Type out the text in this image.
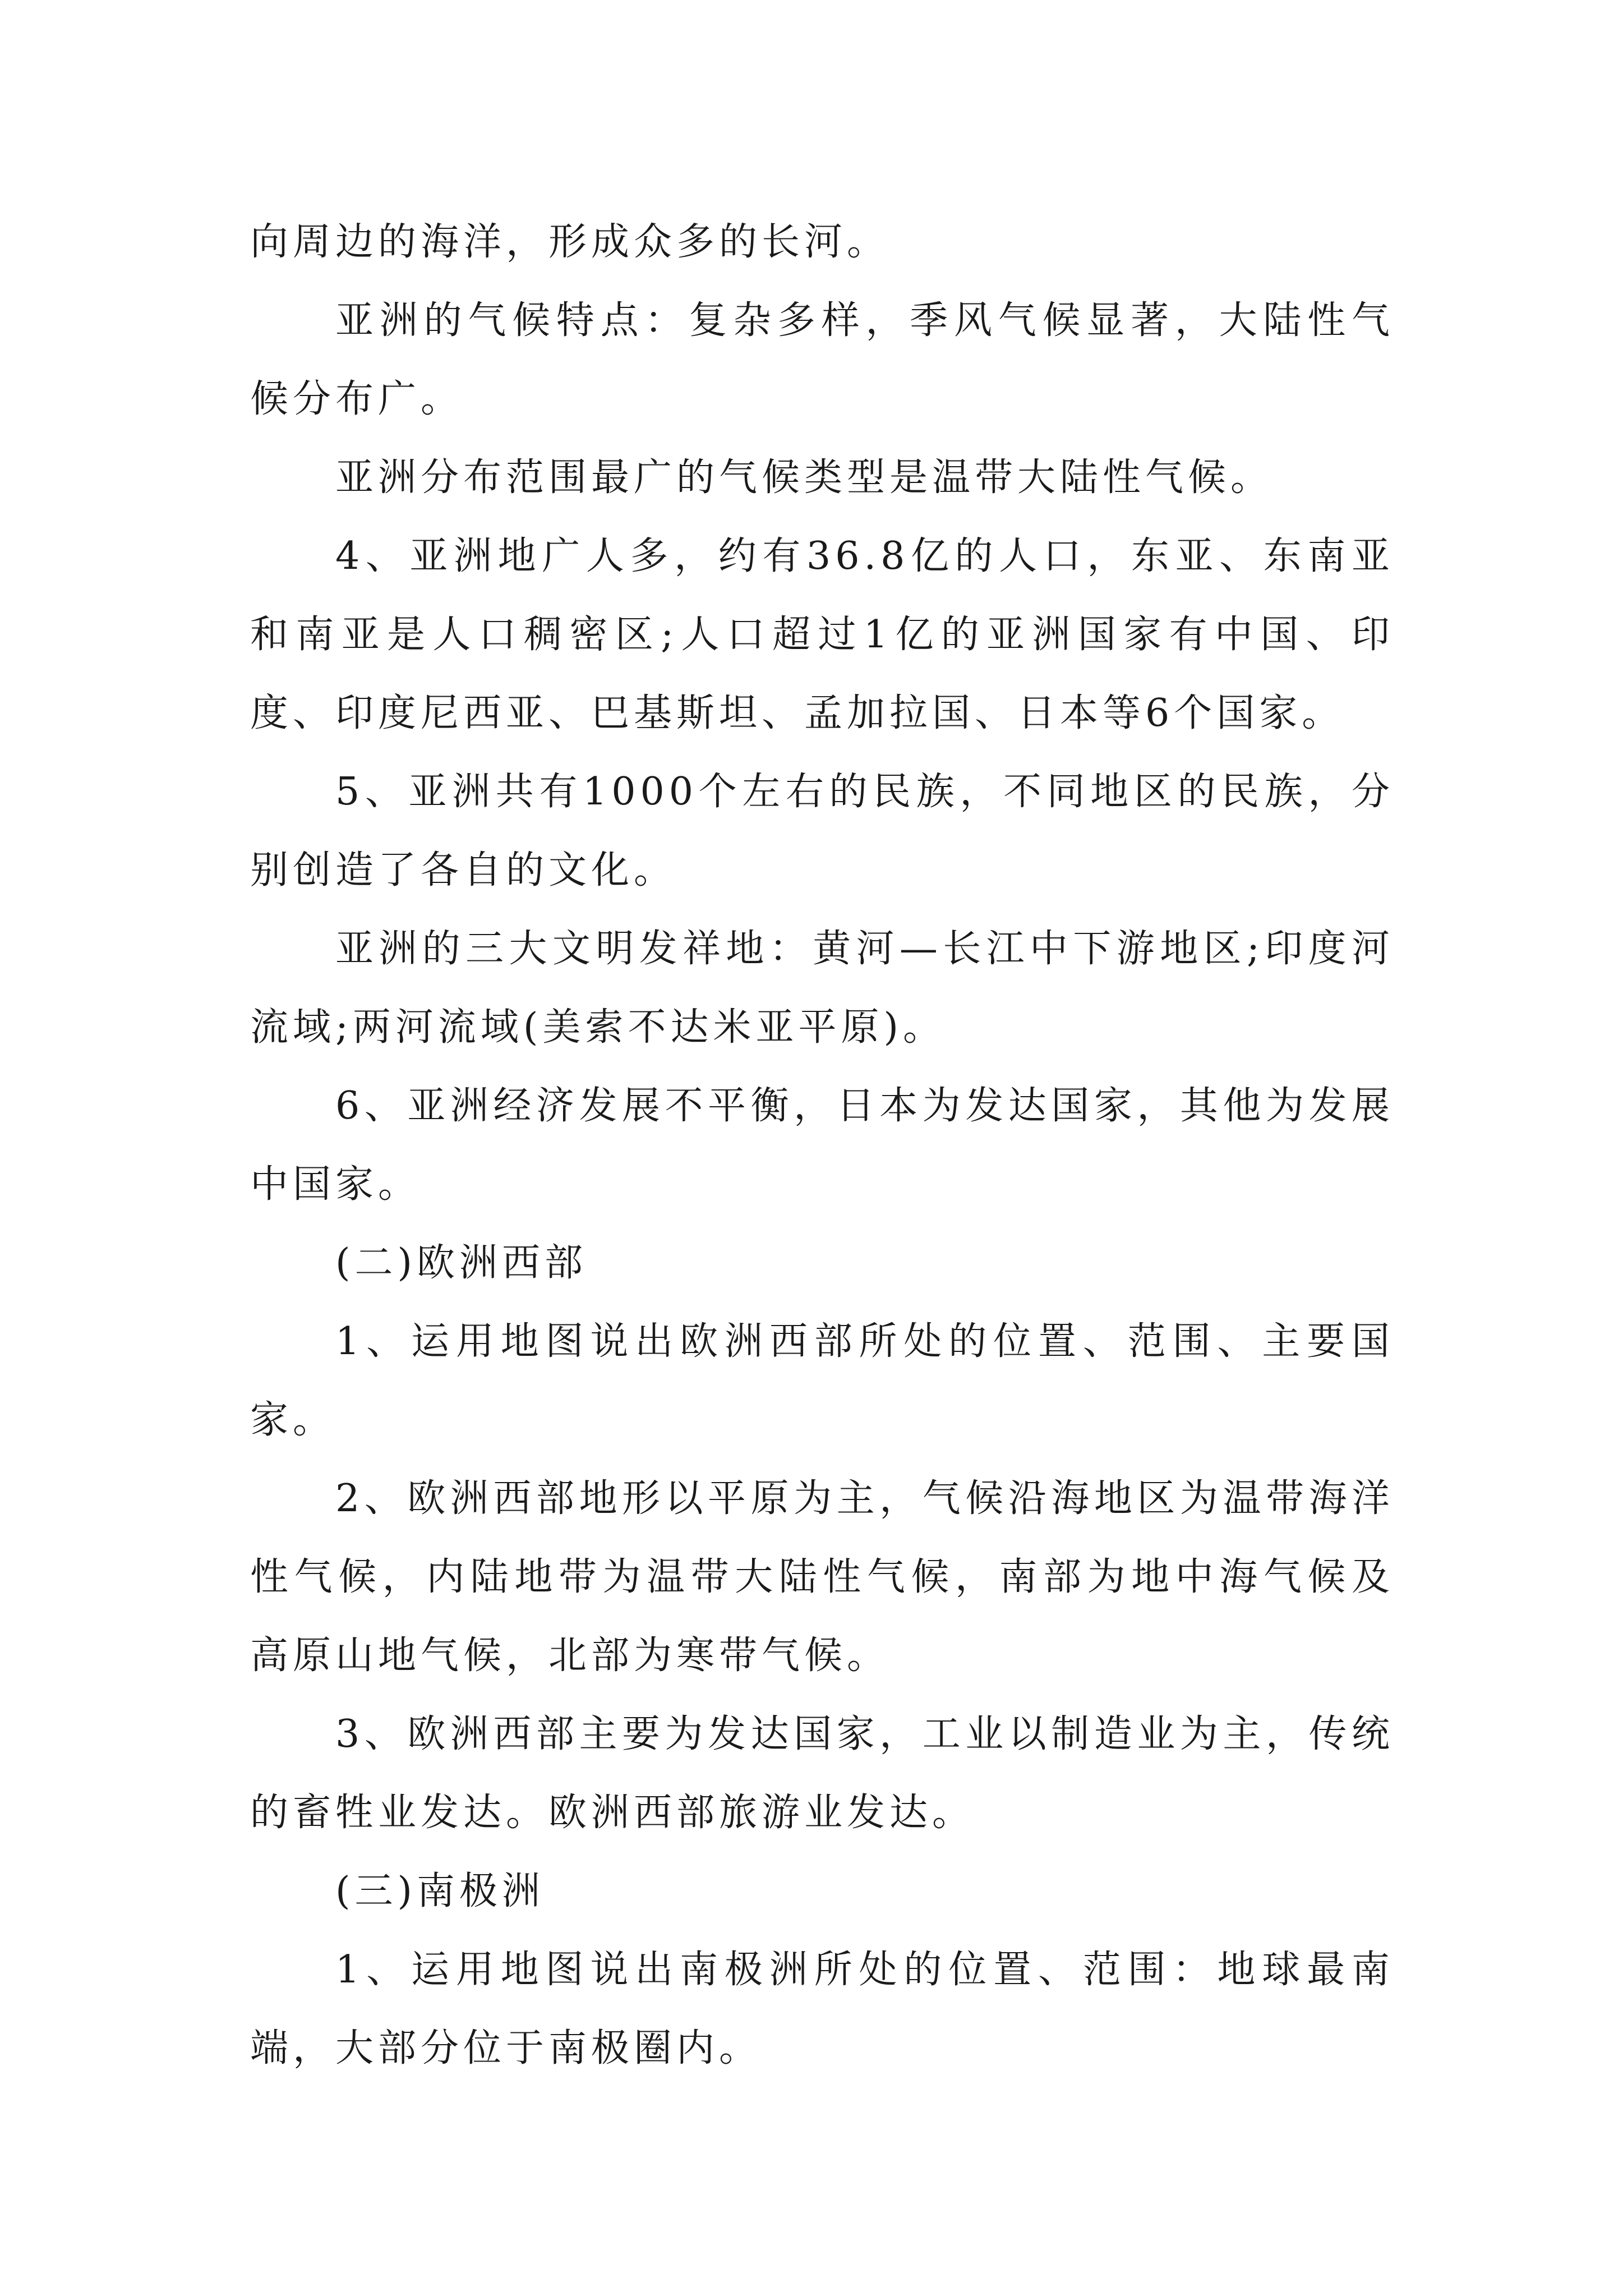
向周边的海洋，形成众多的长河。

亚洲的气候特点：复杂多样，季风气候显著，大陆性气候分布广。

亚洲分布范围最广的气候类型是温带大陆性气候。

4、亚洲地广人多，约有36.8亿的人口，东亚、东南亚和南亚是人口稠密区;人口超过1亿的亚洲国家有中国、印度、印度尼西亚、巴基斯坦、孟加拉国、日本等6个国家。

5、亚洲共有1000个左右的民族，不同地区的民族，分别创造了各自的文化。

亚洲的三大文明发祥地：黄河—长江中下游地区;印度河流域;两河流域(美索不达米亚平原)。

6、亚洲经济发展不平衡，日本为发达国家，其他为发展中国家。

(二)欧洲西部

1、运用地图说出欧洲西部所处的位置、范围、主要国家。

2、欧洲西部地形以平原为主，气候沿海地区为温带海洋性气候，内陆地带为温带大陆性气候，南部为地中海气候及高原山地气候，北部为寒带气候。

3、欧洲西部主要为发达国家，工业以制造业为主，传统的畜牲业发达。欧洲西部旅游业发达。

(三)南极洲

1、运用地图说出南极洲所处的位置、范围：地球最南端，大部分位于南极圈内。
